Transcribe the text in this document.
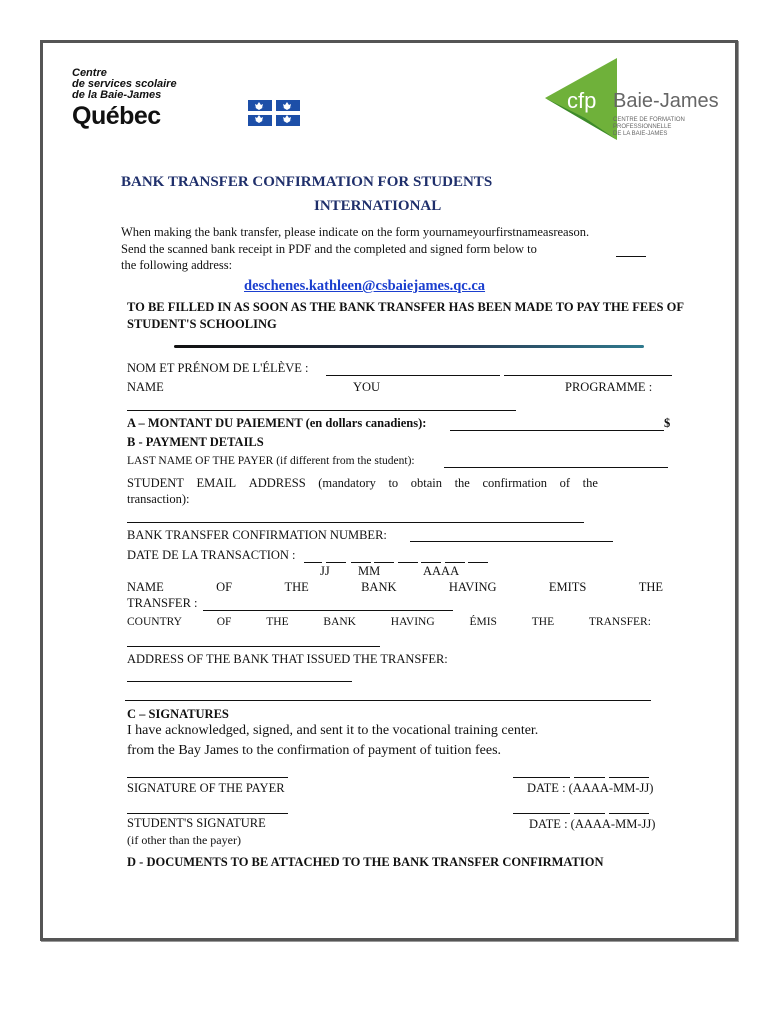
Centre
de services scolaire
de la Baie-James
Québec
cfp Baie-James
CENTRE DE FORMATION
PROFESSIONNELLE
DE LA BAIE-JAMES
BANK TRANSFER CONFIRMATION FOR STUDENTS
INTERNATIONAL
When making the bank transfer, please indicate on the form yournameyourfirstnameasreason.
Send the scanned bank receipt in PDF and the completed and signed form below to
the following address:
deschenes.kathleen@csbaiejames.qc.ca
TO BE FILLED IN AS SOON AS THE BANK TRANSFER HAS BEEN MADE TO PAY THE FEES OF
STUDENT'S SCHOOLING
NOM ET PRÉNOM DE L'ÉLÈVE :
NAME	YOU	PROGRAMME :
A – MONTANT DU PAIEMENT (en dollars canadiens):	$
B - PAYMENT DETAILS
LAST NAME OF THE PAYER (if different from the student):
STUDENT EMAIL ADDRESS (mandatory to obtain the confirmation of the
transaction):
BANK TRANSFER CONFIRMATION NUMBER:
DATE DE LA TRANSACTION :
JJ MM	AAAA
NAME	OF	THE	BANK	HAVING	EMITS	THE
TRANSFER :
COUNTRY	OF	THE	BANK	HAVING	ÉMIS	THE	TRANSFER:
ADDRESS OF THE BANK THAT ISSUED THE TRANSFER:
C – SIGNATURES
I have acknowledged, signed, and sent it to the vocational training center.
from the Bay James to the confirmation of payment of tuition fees.
SIGNATURE OF THE PAYER	DATE : (AAAA-MM-JJ)
STUDENT'S SIGNATURE	DATE : (AAAA-MM-JJ)
(if other than the payer)
D - DOCUMENTS TO BE ATTACHED TO THE BANK TRANSFER CONFIRMATION
